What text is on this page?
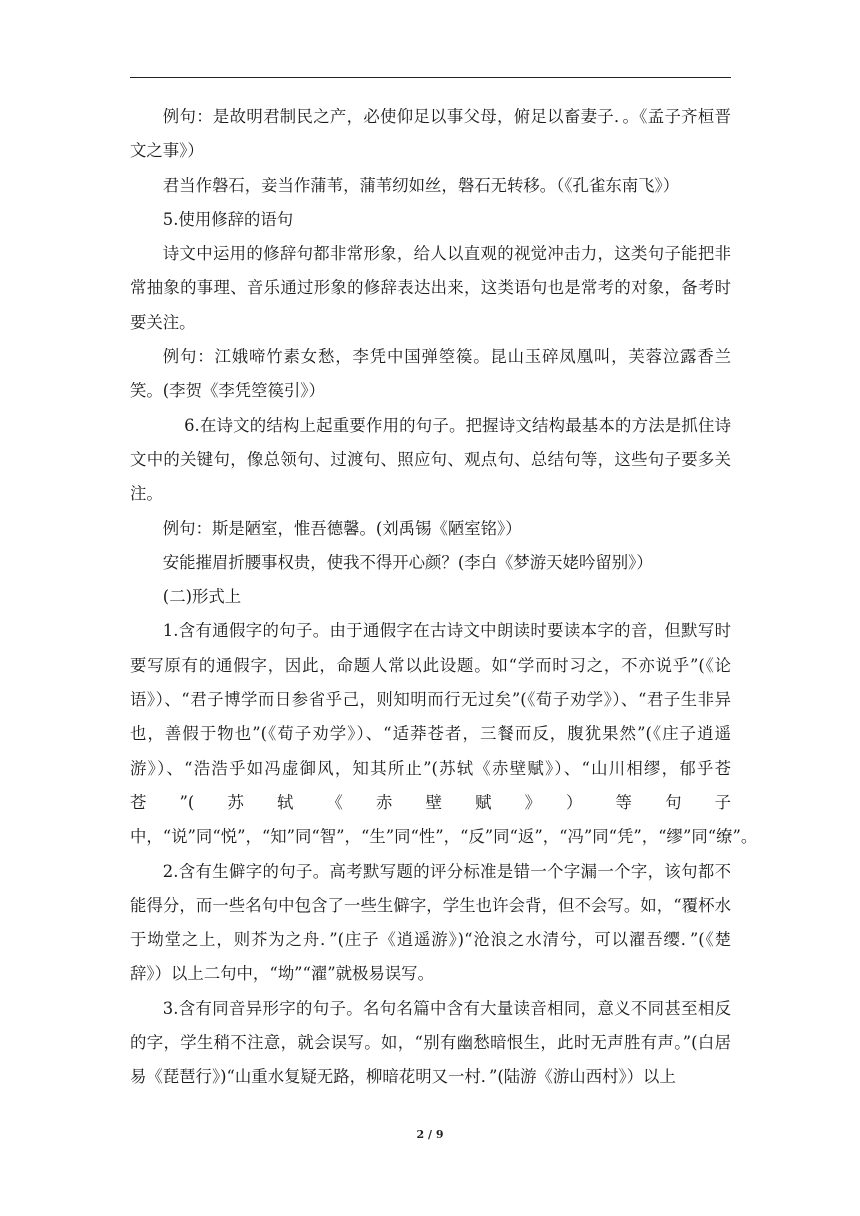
例句：是故明君制民之产，必使仰足以事父母，俯足以畜妻子．。《孟子齐桓晋文之事》）

君当作磐石，妾当作蒲苇，蒲苇纫如丝，磐石无转移。（《孔雀东南飞》）

5.使用修辞的语句

诗文中运用的修辞句都非常形象，给人以直观的视觉冲击力，这类句子能把非常抽象的事理、音乐通过形象的修辞表达出来，这类语句也是常考的对象，备考时要关注。

例句：江娥啼竹素女愁，李凭中国弹箜篌。昆山玉碎凤凰叫，芙蓉泣露香兰笑。(李贺《李凭箜篌引》）

6.在诗文的结构上起重要作用的句子。把握诗文结构最基本的方法是抓住诗文中的关键句，像总领句、过渡句、照应句、观点句、总结句等，这些句子要多关注。

例句：斯是陋室，惟吾德馨。(刘禹锡《陋室铭》）

安能摧眉折腰事权贵，使我不得开心颜？(李白《梦游天姥吟留别》）

(二)形式上

1.含有通假字的句子。由于通假字在古诗文中朗读时要读本字的音，但默写时要写原有的通假字，因此，命题人常以此设题。如“学而时习之，不亦说乎”(《论语》）、“君子博学而日参省乎己，则知明而行无过矣”(《荀子劝学》）、“君子生非异也，善假于物也”(《荀子劝学》）、“适莽苍者，三餐而反，腹犹果然”(《庄子逍遥游》）、“浩浩乎如冯虚御风，知其所止”(苏轼《赤壁赋》）、“山川相缪，郁乎苍苍”(苏轼《赤壁赋》）等句子中，“说”同“悦”，“知”同“智”，“生”同“性”，“反”同“返”，“冯”同“凭”，“缪”同“缭”。

2.含有生僻字的句子。高考默写题的评分标准是错一个字漏一个字，该句都不能得分，而一些名句中包含了一些生僻字，学生也许会背，但不会写。如，“覆杯水于坳堂之上，则芥为之舟．”(庄子《逍遥游》)“沧浪之水清兮，可以濯吾缨．”(《楚辞》）以上二句中，“坳”“濯”就极易误写。

3.含有同音异形字的句子。名句名篇中含有大量读音相同，意义不同甚至相反的字，学生稍不注意，就会误写。如，“别有幽愁暗恨生，此时无声胜有声。”(白居易《琵琶行》)“山重水复疑无路，柳暗花明又一村．”(陆游《游山西村》）以上

2 / 9
